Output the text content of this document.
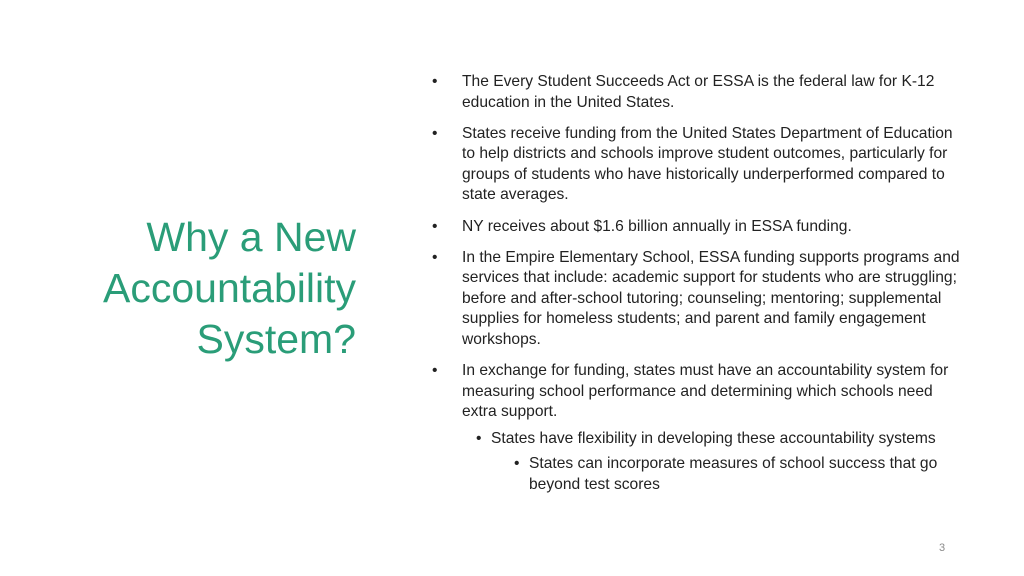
Why a New
Accountability
System?
• The Every Student Succeeds Act or ESSA is the federal law for K-12 education in the United States.
• States receive funding from the United States Department of Education to help districts and schools improve student outcomes, particularly for groups of students who have historically underperformed compared to state averages.
• NY receives about $1.6 billion annually in ESSA funding.
• In the Empire Elementary School, ESSA funding supports programs and services that include: academic support for students who are struggling; before and after-school tutoring; counseling; mentoring; supplemental supplies for homeless students; and parent and family engagement workshops.
• In exchange for funding, states must have an accountability system for measuring school performance and determining which schools need extra support.
• States have flexibility in developing these accountability systems
• States can incorporate measures of school success that go beyond test scores
3
